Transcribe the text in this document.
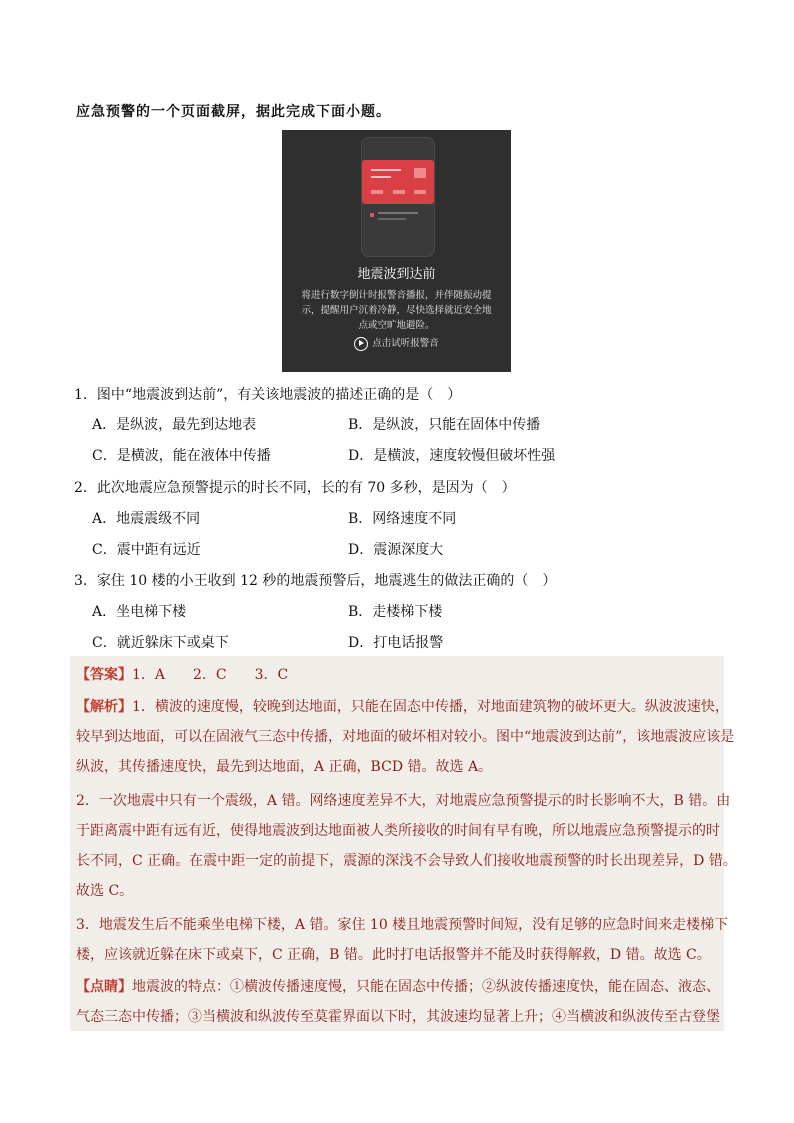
应急预警的一个页面截屏，据此完成下面小题。
地震波到达前
将进行数字倒计时报警音播报，并伴随振动提
示，提醒用户沉着冷静，尽快选择就近安全地
点或空旷地避险。
点击试听报警音
1．图中“地震波到达前”，有关该地震波的描述正确的是（　）
A．是纵波，最先到达地表	B．是纵波，只能在固体中传播
C．是横波，能在液体中传播	D．是横波，速度较慢但破坏性强
2．此次地震应急预警提示的时长不同，长的有 70 多秒，是因为（　）
A．地震震级不同	B．网络速度不同
C．震中距有远近	D．震源深度大
3．家住 10 楼的小王收到 12 秒的地震预警后，地震逃生的做法正确的（　）
A．坐电梯下楼	B．走楼梯下楼
C．就近躲床下或桌下	D．打电话报警
【答案】1．A　　2．C　　3．C
【解析】1．横波的速度慢，较晚到达地面，只能在固态中传播，对地面建筑物的破坏更大。纵波波速快，
较早到达地面，可以在固液气三态中传播，对地面的破坏相对较小。图中“地震波到达前”，该地震波应该是
纵波，其传播速度快，最先到达地面，A 正确，BCD 错。故选 A。
2．一次地震中只有一个震级，A 错。网络速度差异不大，对地震应急预警提示的时长影响不大，B 错。由
于距离震中距有远有近，使得地震波到达地面被人类所接收的时间有早有晚，所以地震应急预警提示的时
长不同，C 正确。在震中距一定的前提下，震源的深浅不会导致人们接收地震预警的时长出现差异，D 错。
故选 C。
3．地震发生后不能乘坐电梯下楼，A 错。家住 10 楼且地震预警时间短，没有足够的应急时间来走楼梯下
楼，应该就近躲在床下或桌下，C 正确，B 错。此时打电话报警并不能及时获得解救，D 错。故选 C。
【点睛】地震波的特点：①横波传播速度慢，只能在固态中传播；②纵波传播速度快，能在固态、液态、
气态三态中传播；③当横波和纵波传至莫霍界面以下时，其波速均显著上升；④当横波和纵波传至古登堡
